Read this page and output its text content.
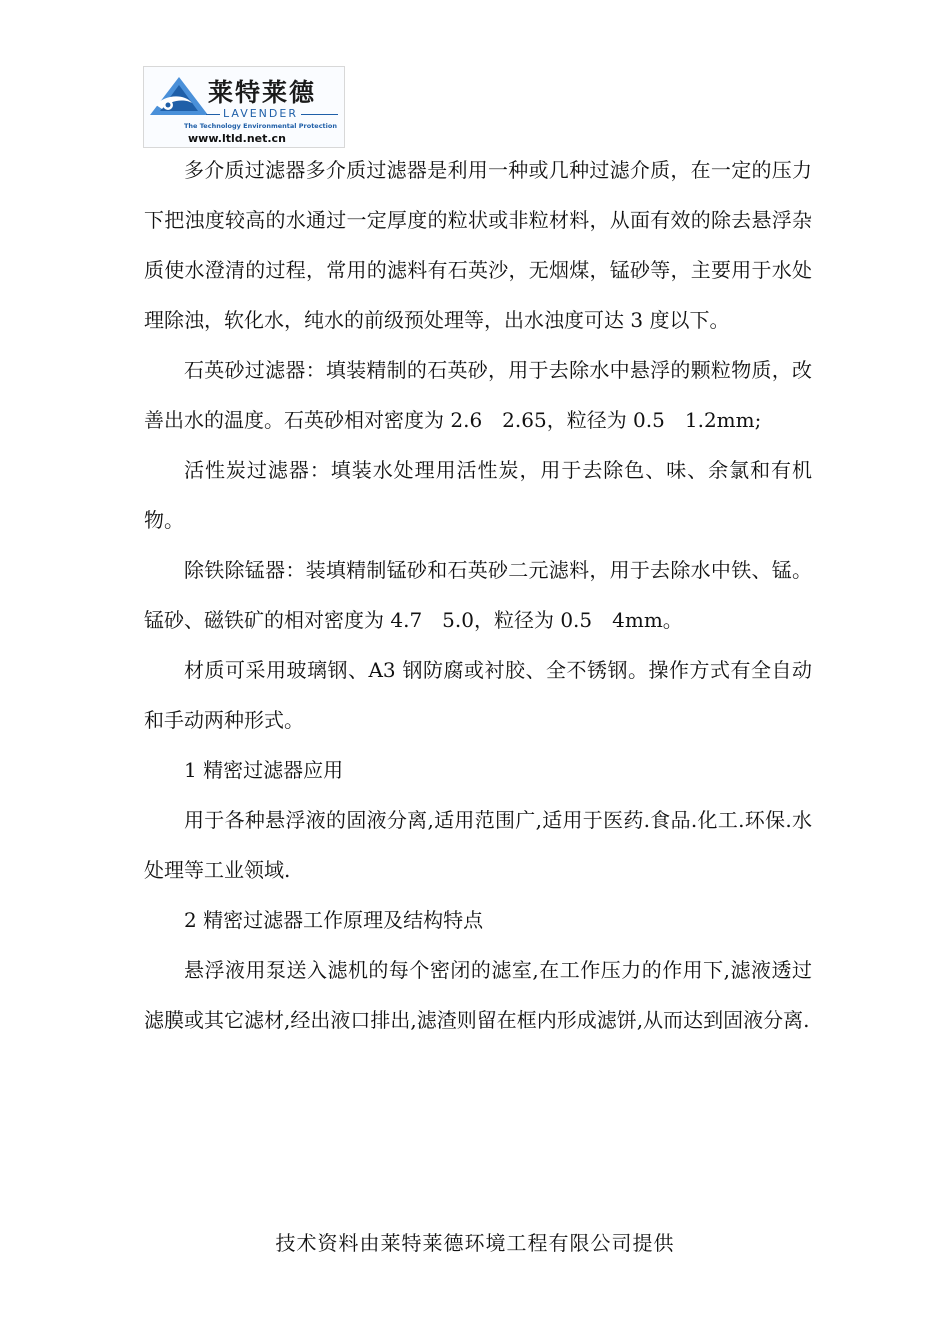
莱特莱德
LAVENDER
The Technology Environmental Protection
www.ltld.net.cn

多介质过滤器多介质过滤器是利用一种或几种过滤介质，在一定的压力下把浊度较高的水通过一定厚度的粒状或非粒材料，从面有效的除去悬浮杂质使水澄清的过程，常用的滤料有石英沙，无烟煤，锰砂等，主要用于水处理除浊，软化水，纯水的前级预处理等，出水浊度可达 3 度以下。

石英砂过滤器：填装精制的石英砂，用于去除水中悬浮的颗粒物质，改善出水的温度。石英砂相对密度为 2.6　2.65，粒径为 0.5　1.2mm;

活性炭过滤器：填装水处理用活性炭，用于去除色、味、余氯和有机物。

除铁除锰器：装填精制锰砂和石英砂二元滤料，用于去除水中铁、锰。锰砂、磁铁矿的相对密度为 4.7　5.0，粒径为 0.5　4mm。

材质可采用玻璃钢、A3 钢防腐或衬胶、全不锈钢。操作方式有全自动和手动两种形式。

1 精密过滤器应用

用于各种悬浮液的固液分离,适用范围广,适用于医药.食品.化工.环保.水处理等工业领域.

2 精密过滤器工作原理及结构特点

悬浮液用泵送入滤机的每个密闭的滤室,在工作压力的作用下,滤液透过滤膜或其它滤材,经出液口排出,滤渣则留在框内形成滤饼,从而达到固液分离.

技术资料由莱特莱德环境工程有限公司提供
